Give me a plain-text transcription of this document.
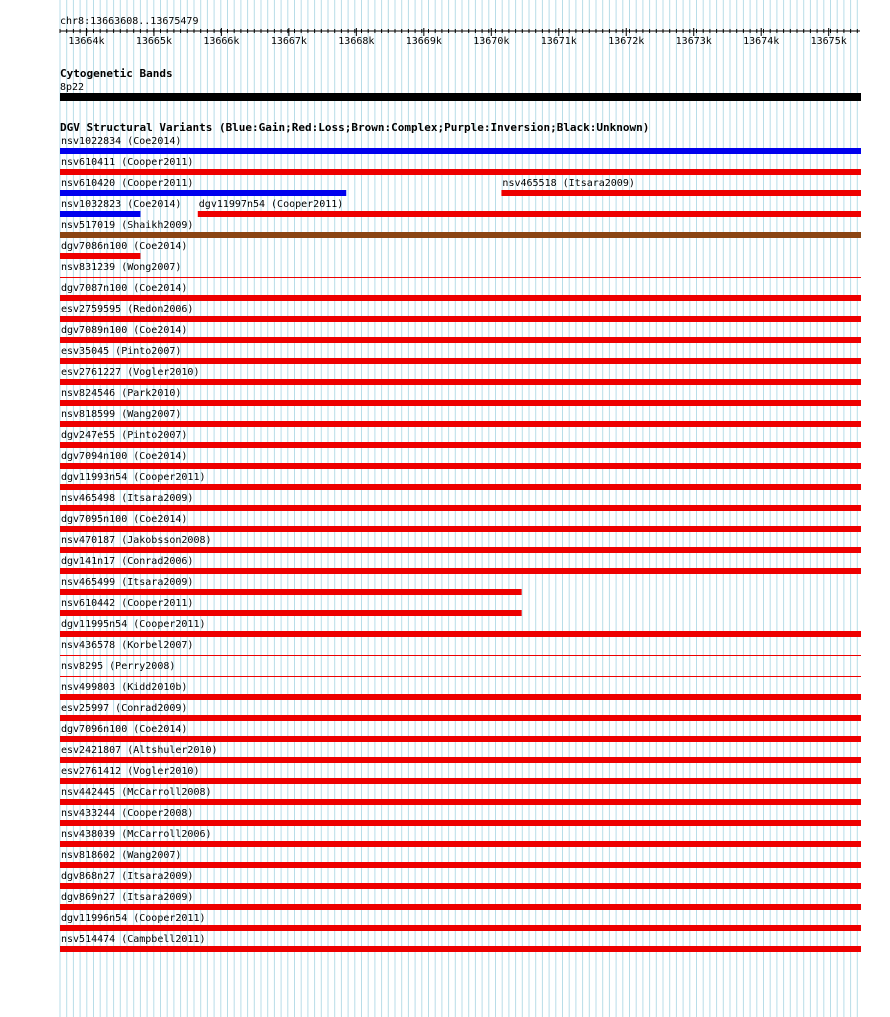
chr8:13663608..13675479
13664k	13665k	13666k	13667k	13668k	13669k	13670k	13671k	13672k	13673k	13674k	13675k
Cytogenetic Bands
8p22
DGV Structural Variants (Blue:Gain;Red:Loss;Brown:Complex;Purple:Inversion;Black:Unknown)
nsv1022834 (Coe2014)
nsv610411 (Cooper2011)
nsv610420 (Cooper2011)	nsv465518 (Itsara2009)
nsv1032823 (Coe2014) dgv11997n54 (Cooper2011)
nsv517019 (Shaikh2009)
dgv7086n100 (Coe2014)
nsv831239 (Wong2007)
dgv7087n100 (Coe2014)
esv2759595 (Redon2006)
dgv7089n100 (Coe2014)
esv35045 (Pinto2007)
esv2761227 (Vogler2010)
nsv824546 (Park2010)
nsv818599 (Wang2007)
dgv247e55 (Pinto2007)
dgv7094n100 (Coe2014)
dgv11993n54 (Cooper2011)
nsv465498 (Itsara2009)
dgv7095n100 (Coe2014)
nsv470187 (Jakobsson2008)
dgv141n17 (Conrad2006)
nsv465499 (Itsara2009)
nsv610442 (Cooper2011)
dgv11995n54 (Cooper2011)
nsv436578 (Korbel2007)
nsv8295 (Perry2008)
nsv499803 (Kidd2010b)
esv25997 (Conrad2009)
dgv7096n100 (Coe2014)
esv2421807 (Altshuler2010)
esv2761412 (Vogler2010)
nsv442445 (McCarroll2008)
nsv433244 (Cooper2008)
nsv438039 (McCarroll2006)
nsv818602 (Wang2007)
dgv868n27 (Itsara2009)
dgv869n27 (Itsara2009)
dgv11996n54 (Cooper2011)
nsv514474 (Campbell2011)
